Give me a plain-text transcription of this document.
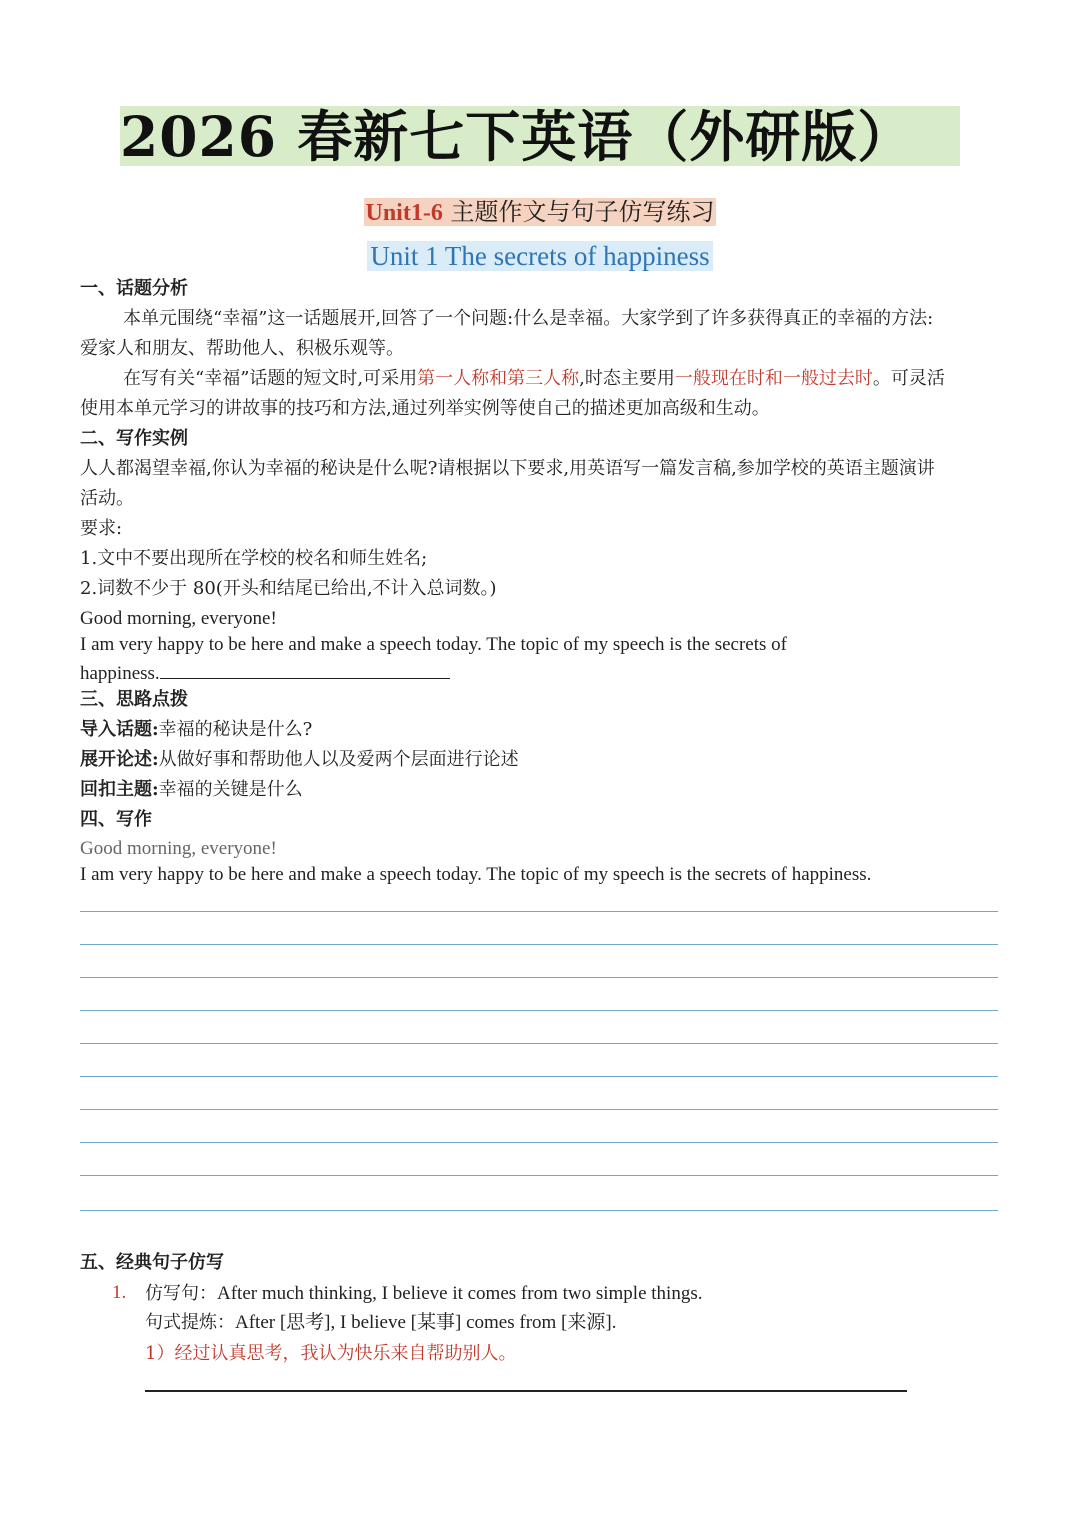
2026 春新七下英语（外研版）
Unit1-6 主题作文与句子仿写练习
Unit 1 The secrets of happiness
一、话题分析
本单元围绕“幸福”这一话题展开,回答了一个问题:什么是幸福。大家学到了许多获得真正的幸福的方法:
爱家人和朋友、帮助他人、积极乐观等。
在写有关“幸福”话题的短文时,可采用第一人称和第三人称,时态主要用一般现在时和一般过去时。可灵活
使用本单元学习的讲故事的技巧和方法,通过列举实例等使自己的描述更加高级和生动。
二、写作实例
人人都渴望幸福,你认为幸福的秘诀是什么呢?请根据以下要求,用英语写一篇发言稿,参加学校的英语主题演讲
活动。
要求:
1.文中不要出现所在学校的校名和师生姓名;
2.词数不少于 80(开头和结尾已给出,不计入总词数。)
Good morning, everyone!
I am very happy to be here and make a speech today. The topic of my speech is the secrets of
happiness.
三、思路点拨
导入话题:幸福的秘诀是什么?
展开论述:从做好事和帮助他人以及爱两个层面进行论述
回扣主题:幸福的关键是什么
四、写作
Good morning, everyone!
I am very happy to be here and make a speech today. The topic of my speech is the secrets of happiness.
五、经典句子仿写
1. 仿写句：After much thinking, I believe it comes from two simple things.
句式提炼：After [思考], I believe [某事] comes from [来源].
1）经过认真思考，我认为快乐来自帮助别人。
